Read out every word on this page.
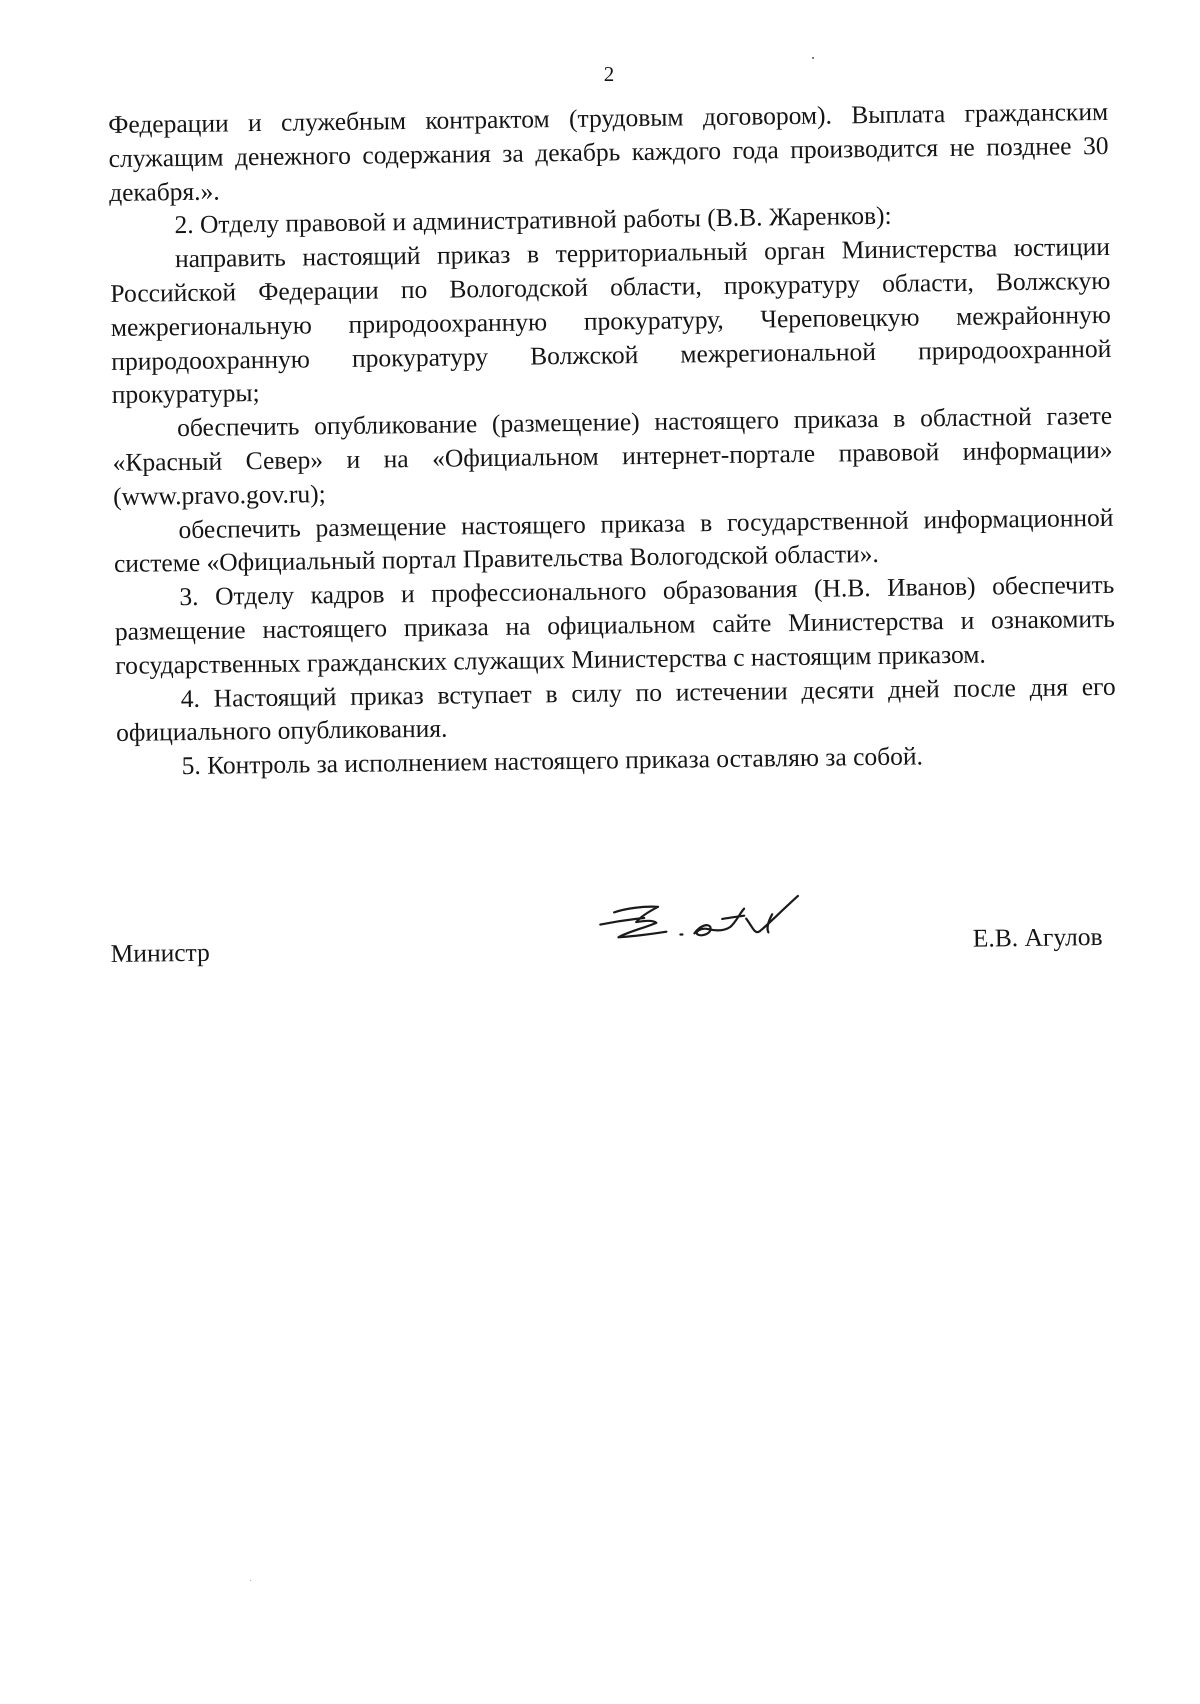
2

Федерации и служебным контрактом (трудовым договором). Выплата гражданским служащим денежного содержания за декабрь каждого года производится не позднее 30 декабря.».

2. Отделу правовой и административной работы (В.В. Жаренков):

направить настоящий приказ в территориальный орган Министерства юстиции Российской Федерации по Вологодской области, прокуратуру области, Волжскую межрегиональную природоохранную прокуратуру, Череповецкую межрайонную природоохранную прокуратуру Волжской межрегиональной природоохранной прокуратуры;

обеспечить опубликование (размещение) настоящего приказа в областной газете «Красный Север» и на «Официальном интернет-портале правовой информации» (www.pravo.gov.ru);

обеспечить размещение настоящего приказа в государственной информационной системе «Официальный портал Правительства Вологодской области».

3. Отделу кадров и профессионального образования (Н.В. Иванов) обеспечить размещение настоящего приказа на официальном сайте Министерства и ознакомить государственных гражданских служащих Министерства с настоящим приказом.

4. Настоящий приказ вступает в силу по истечении десяти дней после дня его официального опубликования.

5. Контроль за исполнением настоящего приказа оставляю за собой.

Министр
Е.В. Агулов
